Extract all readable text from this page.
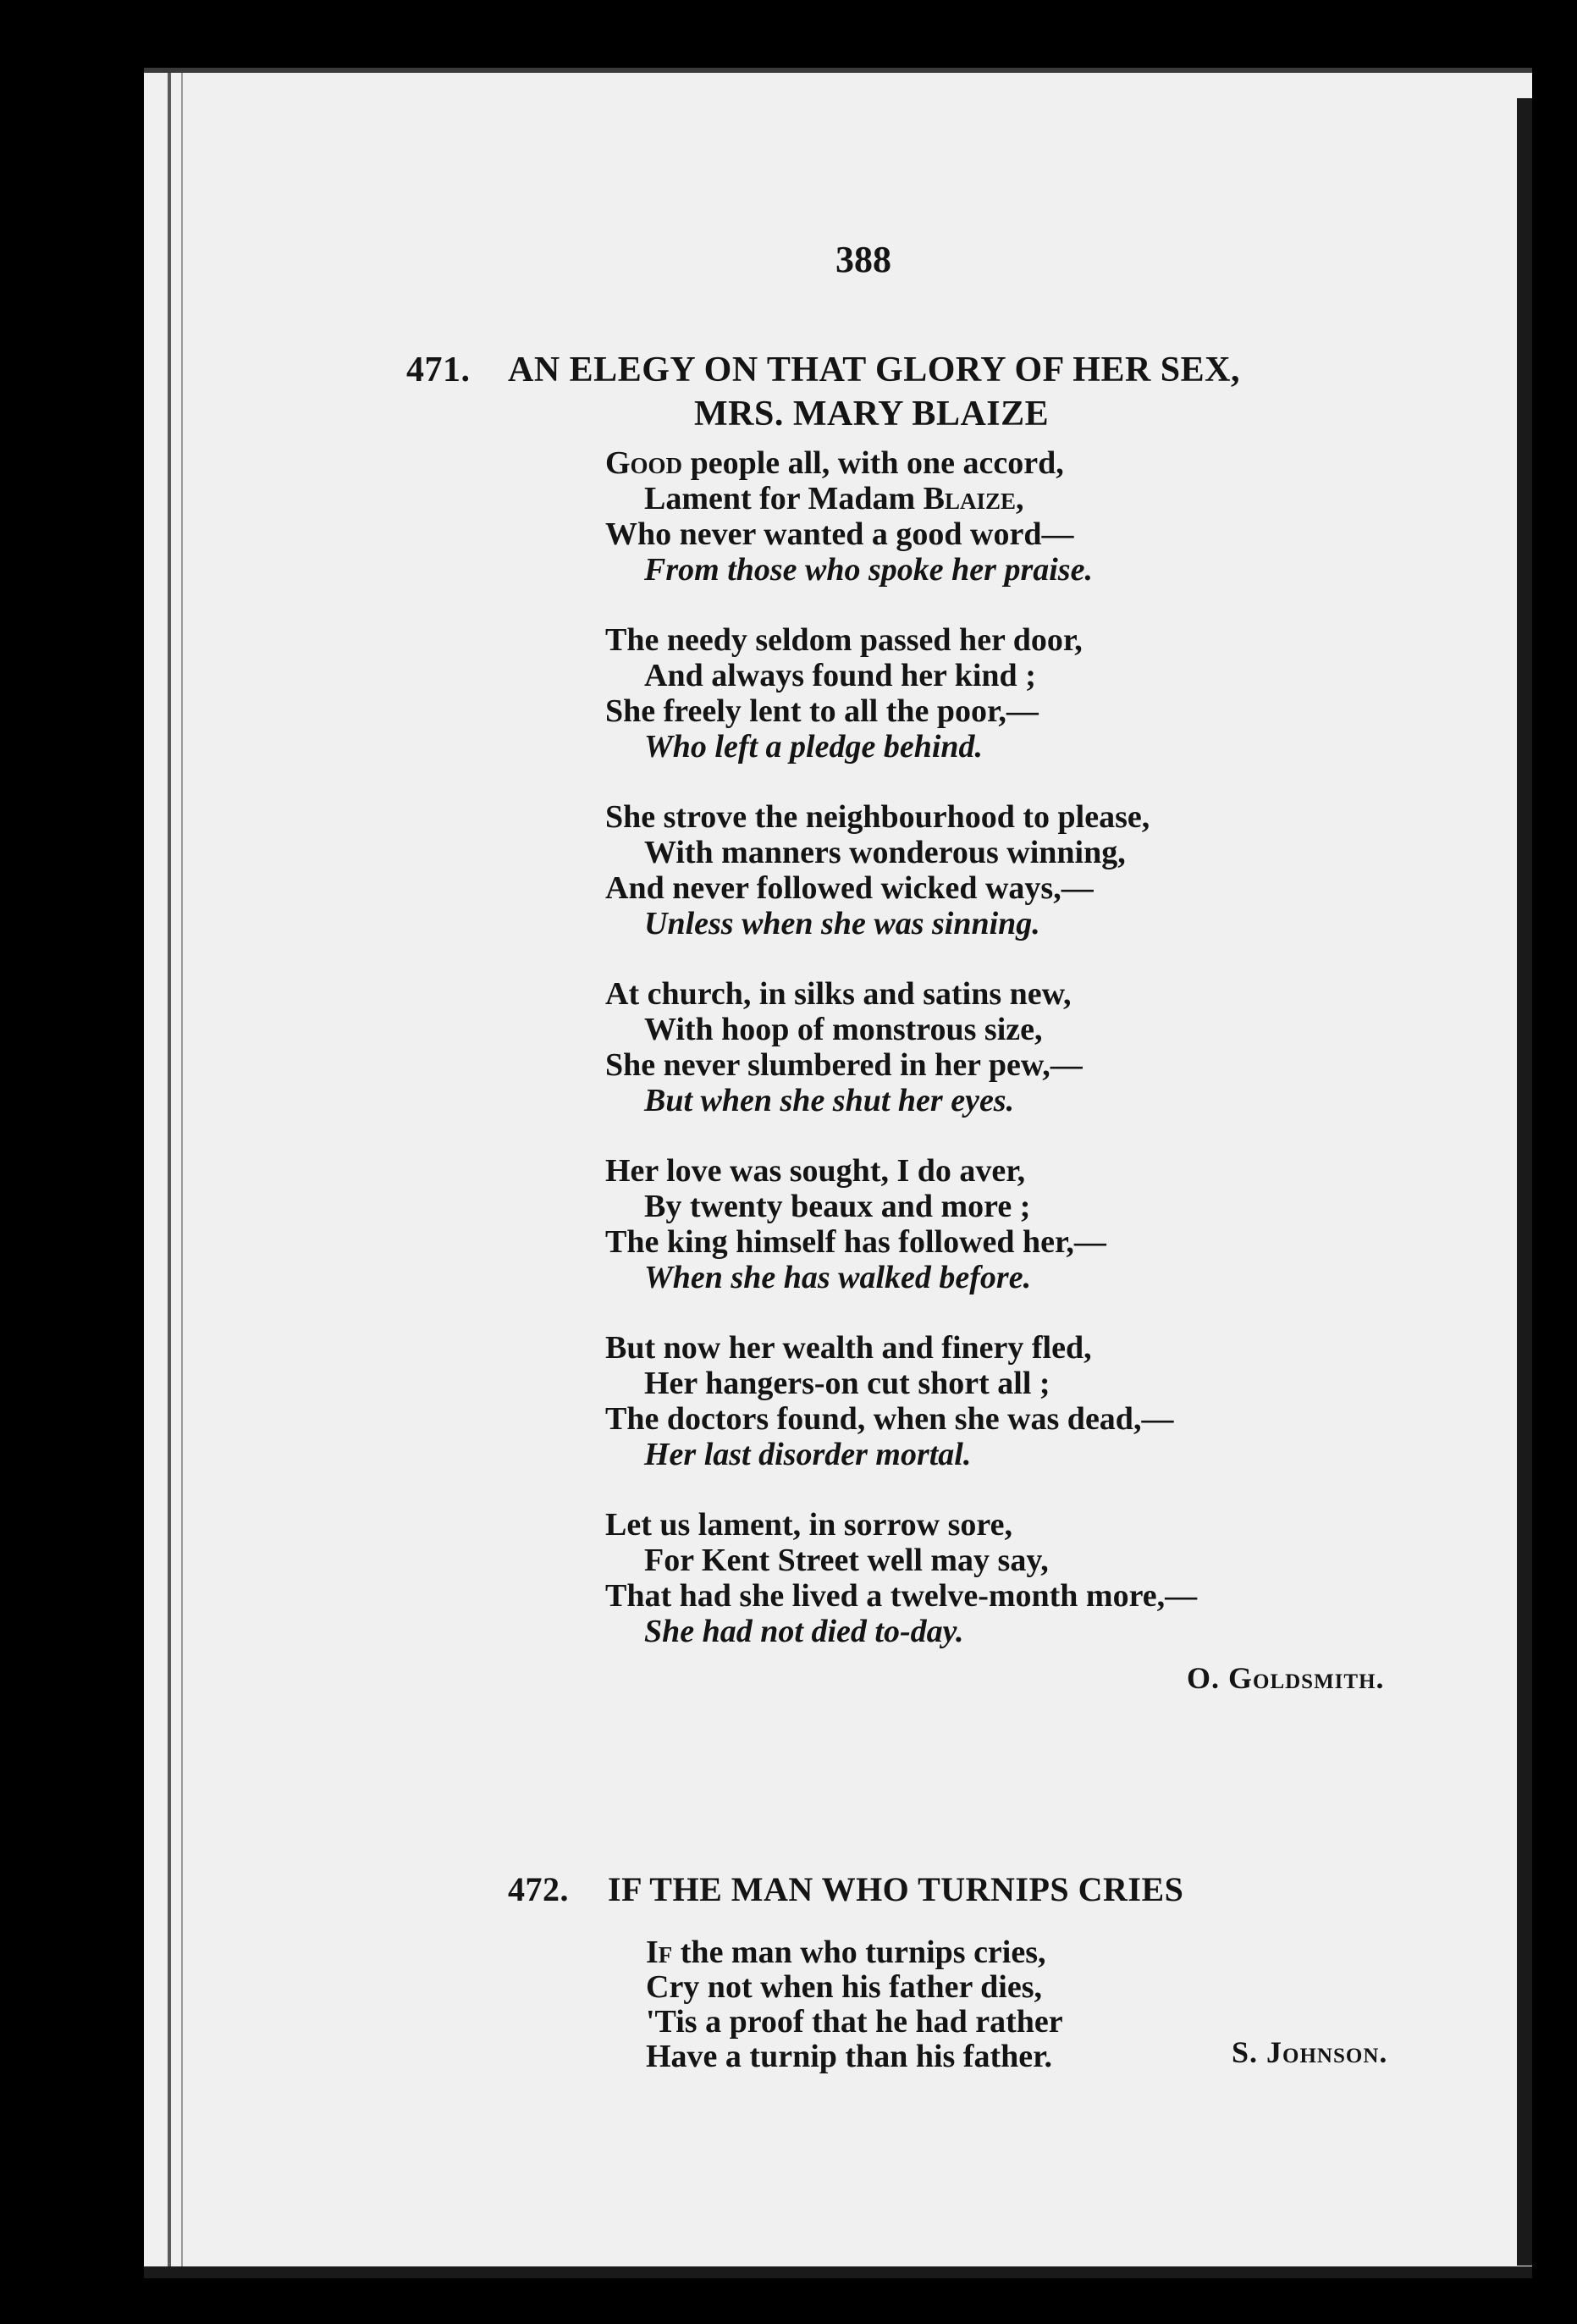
388
471. AN ELEGY ON THAT GLORY OF HER SEX,
MRS. MARY BLAIZE
Good people all, with one accord,
Lament for Madam Blaize,
Who never wanted a good word—
From those who spoke her praise.
The needy seldom passed her door,
And always found her kind ;
She freely lent to all the poor,—
Who left a pledge behind.
She strove the neighbourhood to please,
With manners wonderous winning,
And never followed wicked ways,—
Unless when she was sinning.
At church, in silks and satins new,
With hoop of monstrous size,
She never slumbered in her pew,—
But when she shut her eyes.
Her love was sought, I do aver,
By twenty beaux and more ;
The king himself has followed her,—
When she has walked before.
But now her wealth and finery fled,
Her hangers-on cut short all ;
The doctors found, when she was dead,—
Her last disorder mortal.
Let us lament, in sorrow sore,
For Kent Street well may say,
That had she lived a twelve-month more,—
She had not died to-day.
O. Goldsmith.
472. IF THE MAN WHO TURNIPS CRIES
If the man who turnips cries,
Cry not when his father dies,
'Tis a proof that he had rather
Have a turnip than his father.	S. Johnson.
